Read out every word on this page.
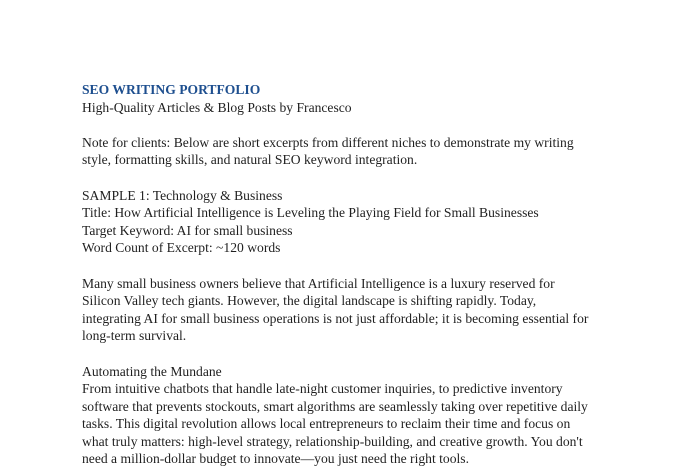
SEO WRITING PORTFOLIO
High-Quality Articles & Blog Posts by Francesco

Note for clients: Below are short excerpts from different niches to demonstrate my writing
style, formatting skills, and natural SEO keyword integration.

SAMPLE 1: Technology & Business
Title: How Artificial Intelligence is Leveling the Playing Field for Small Businesses
Target Keyword: AI for small business
Word Count of Excerpt: ~120 words

Many small business owners believe that Artificial Intelligence is a luxury reserved for
Silicon Valley tech giants. However, the digital landscape is shifting rapidly. Today,
integrating AI for small business operations is not just affordable; it is becoming essential for
long-term survival.

Automating the Mundane
From intuitive chatbots that handle late-night customer inquiries, to predictive inventory
software that prevents stockouts, smart algorithms are seamlessly taking over repetitive daily
tasks. This digital revolution allows local entrepreneurs to reclaim their time and focus on
what truly matters: high-level strategy, relationship-building, and creative growth. You don't
need a million-dollar budget to innovate—you just need the right tools.
